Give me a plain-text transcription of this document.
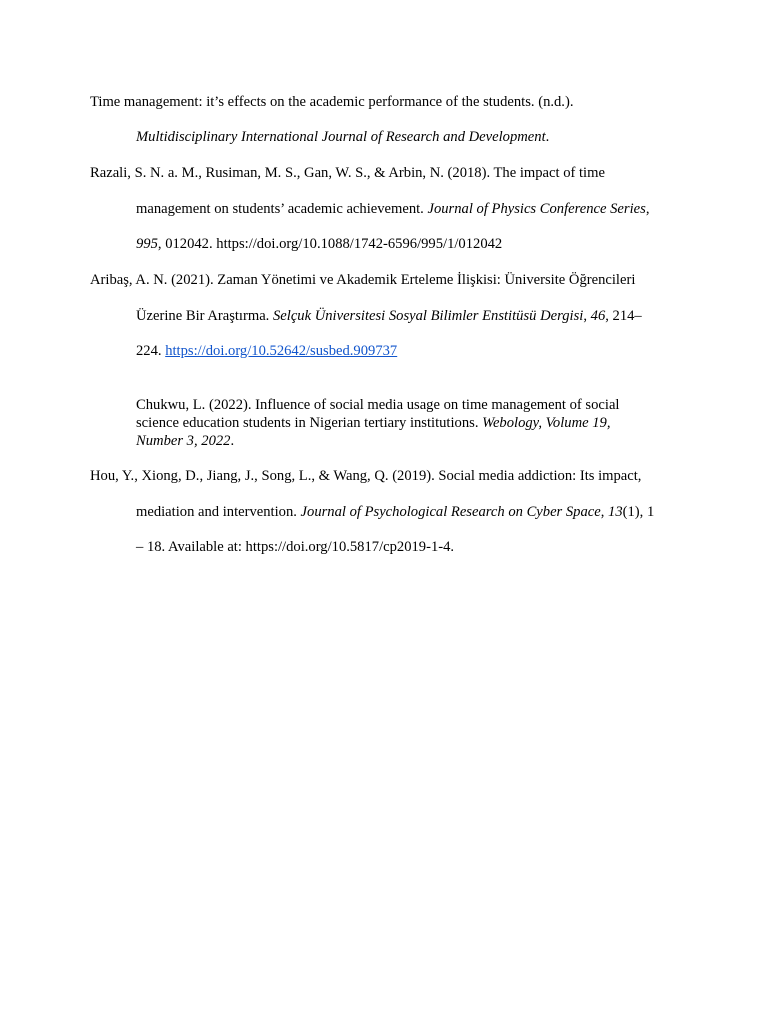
Time management: it’s effects on the academic performance of the students. (n.d.).
Multidisciplinary International Journal of Research and Development.
Razali, S. N. a. M., Rusiman, M. S., Gan, W. S., & Arbin, N. (2018). The impact of time
management on students’ academic achievement. Journal of Physics Conference Series,
995, 012042. https://doi.org/10.1088/1742-6596/995/1/012042
Aribaş, A. N. (2021). Zaman Yönetimi ve Akademik Erteleme İlişkisi: Üniversite Öğrencileri
Üzerine Bir Araştırma. Selçuk Üniversitesi Sosyal Bilimler Enstitüsü Dergisi, 46, 214–
224. https://doi.org/10.52642/susbed.909737
Chukwu, L. (2022). Influence of social media usage on time management of social
science education students in Nigerian tertiary institutions. Webology, Volume 19,
Number 3, 2022.
Hou, Y., Xiong, D., Jiang, J., Song, L., & Wang, Q. (2019). Social media addiction: Its impact,
mediation and intervention. Journal of Psychological Research on Cyber Space, 13(1), 1
– 18. Available at: https://doi.org/10.5817/cp2019-1-4.
